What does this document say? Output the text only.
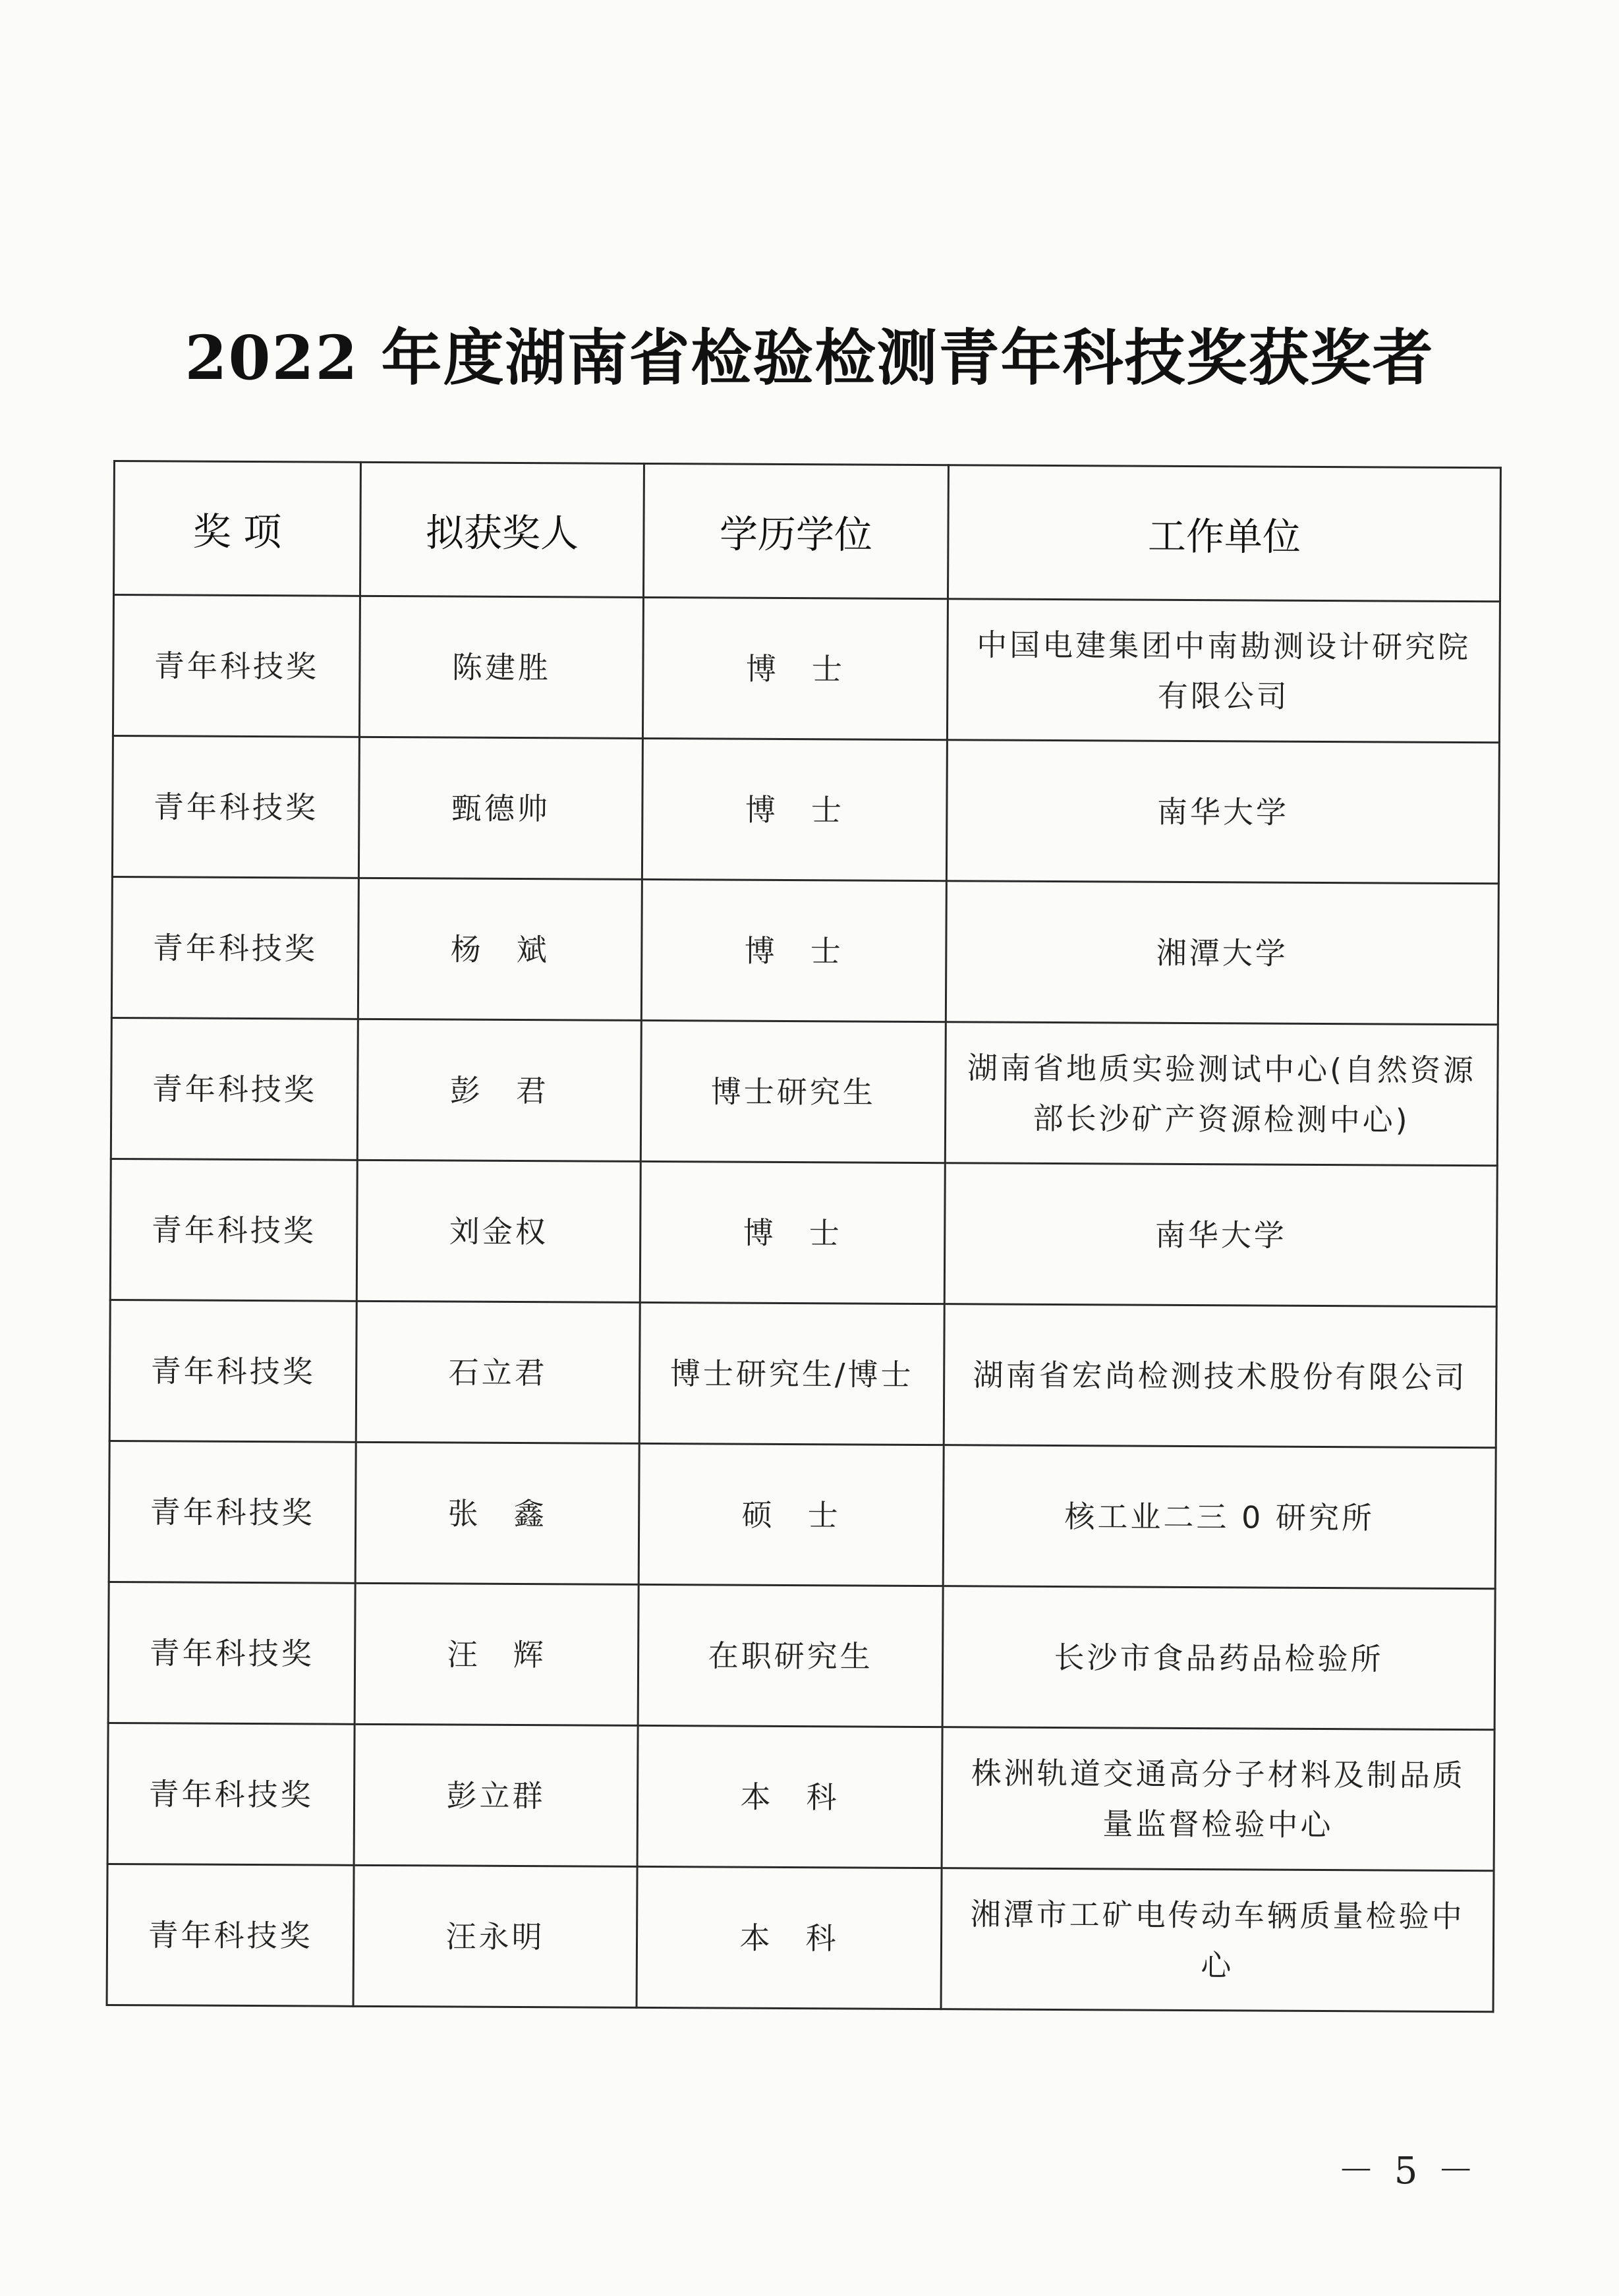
2022 年度湖南省检验检测青年科技奖获奖者
奖 项	拟获奖人	学历学位	工作单位
青年科技奖	陈建胜	博　士	中国电建集团中南勘测设计研究院有限公司
青年科技奖	甄德帅	博　士	南华大学
青年科技奖	杨　斌	博　士	湘潭大学
青年科技奖	彭　君	博士研究生	湖南省地质实验测试中心(自然资源部长沙矿产资源检测中心)
青年科技奖	刘金权	博　士	南华大学
青年科技奖	石立君	博士研究生/博士	湖南省宏尚检测技术股份有限公司
青年科技奖	张　鑫	硕　士	核工业二三 0 研究所
青年科技奖	汪　辉	在职研究生	长沙市食品药品检验所
青年科技奖	彭立群	本　科	株洲轨道交通高分子材料及制品质量监督检验中心
青年科技奖	汪永明	本　科	湘潭市工矿电传动车辆质量检验中心
－ 5 －
